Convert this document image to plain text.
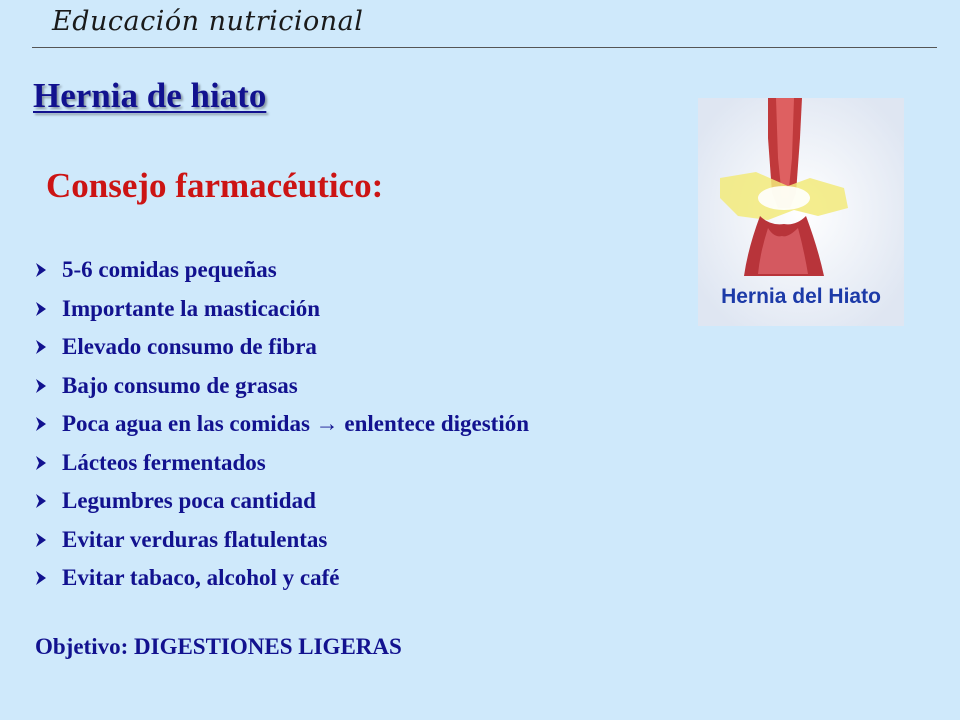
Educación nutricional
Hernia de hiato
Consejo farmacéutico:
5-6 comidas pequeñas
Importante la masticación
Elevado consumo de fibra
Bajo consumo de grasas
Poca agua en las comidas → enlentece digestión
Lácteos fermentados
Legumbres poca cantidad
Evitar verduras flatulentas
Evitar tabaco, alcohol y café
Objetivo: DIGESTIONES LIGERAS
Hernia del Hiato
